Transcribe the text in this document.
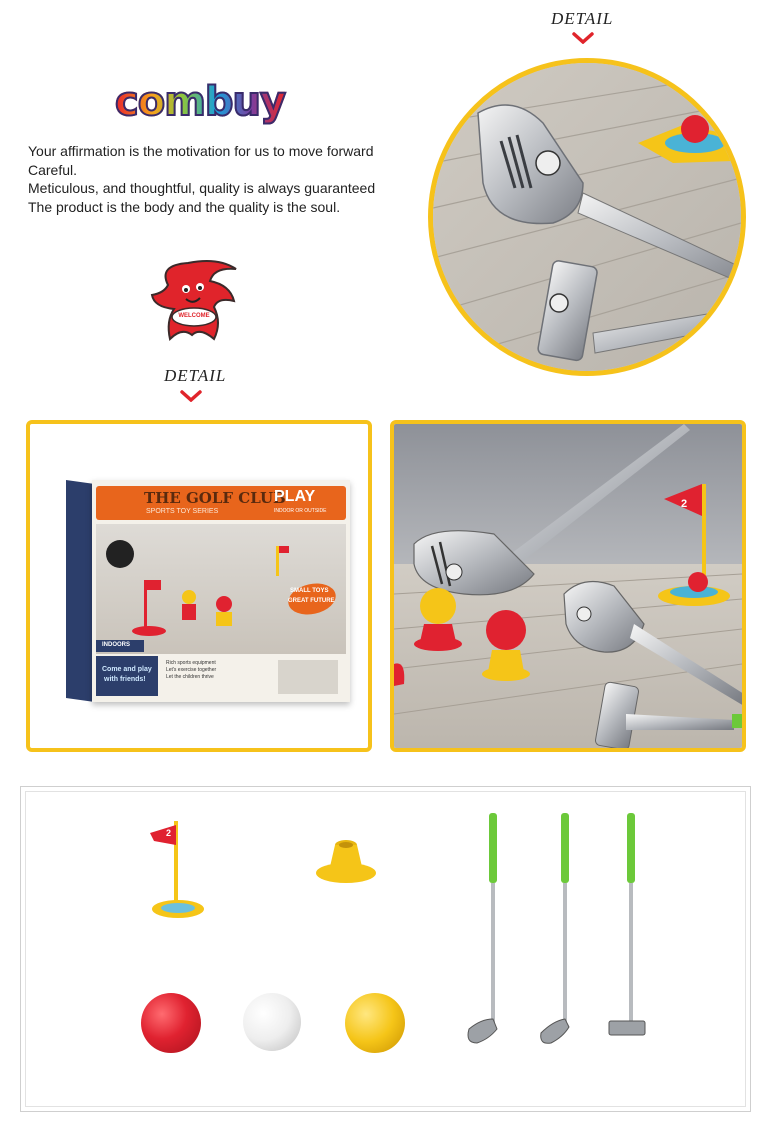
combuy
Your affirmation is the motivation for us to move forward
Careful.
Meticulous, and thoughtful, quality is always guaranteed
The product is the body and the quality is the soul.
WELCOME
DETAIL
DETAIL
THE GOLF CLUB
SPORTS TOY SERIES
PLAY
INDOOR OR OUTSIDE
SMALL TOYS
GREAT FUTURE
INDOORS
Come and play
with friends!
Rich sports equipment
Let's exercise together
Let the children thrive
2
2
